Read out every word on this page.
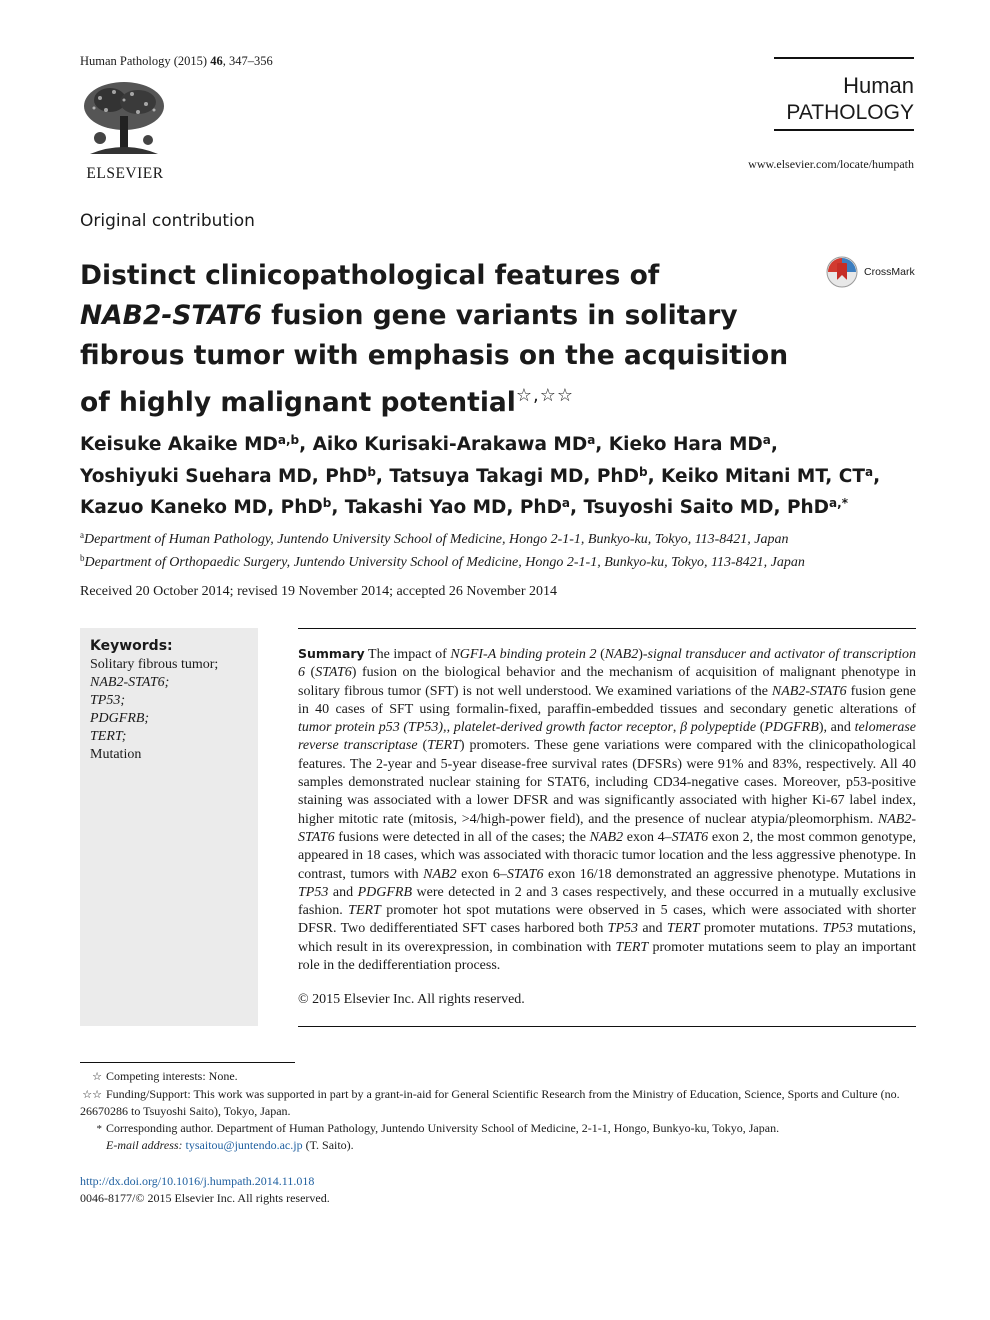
Human Pathology (2015) 46, 347–356
ELSEVIER
Human
PATHOLOGY
www.elsevier.com/locate/humpath
Original contribution
Distinct clinicopathological features of
NAB2-STAT6 fusion gene variants in solitary
fibrous tumor with emphasis on the acquisition
of highly malignant potential☆,☆☆
CrossMark
Keisuke Akaike MD$^{a,b}$, Aiko Kurisaki-Arakawa $MD^a$, Kieko Hara $MD^a$,
Yoshiyuki Suehara MD, PhD$^b$, Tatsuya Takagi MD, PhD$^b$, Keiko Mitani MT, $CT^a$,
Kazuo Kaneko MD, PhD$^b$, Takashi Yao MD, PhD$^a$, Tsuyoshi Saito MD, PhD$^{a,*}$
$^a$Department of Human Pathology, Juntendo University School of Medicine, Hongo 2-1-1, Bunkyo-ku, Tokyo, 113-8421, Japan
$^b$Department of Orthopaedic Surgery, Juntendo University School of Medicine, Hongo 2-1-1, Bunkyo-ku, Tokyo, 113-8421, Japan
Received 20 October 2014; revised 19 November 2014; accepted 26 November 2014
Keywords:
Solitary fibrous tumor;
NAB2-STAT6;
TP53;
PDGFRB;
TERT;
Mutation
Summary The impact of NGFI-A binding protein 2 (NAB2)-signal transducer and activator of transcription 6 (STAT6) fusion on the biological behavior and the mechanism of acquisition of malignant phenotype in solitary fibrous tumor (SFT) is not well understood. We examined variations of the NAB2-STAT6 fusion gene in 40 cases of SFT using formalin-fixed, paraffin-embedded tissues and secondary genetic alterations of tumor protein p53 (TP53),, platelet-derived growth factor receptor, β polypeptide (PDGFRB), and telomerase reverse transcriptase (TERT) promoters. These gene variations were compared with the clinicopathological features. The 2-year and 5-year disease-free survival rates (DFSRs) were 91% and 83%, respectively. All 40 samples demonstrated nuclear staining for STAT6, including CD34-negative cases. Moreover, p53-positive staining was associated with a lower DFSR and was significantly associated with higher Ki-67 label index, higher mitotic rate (mitosis, >4/high-power field), and the presence of nuclear atypia/pleomorphism. NAB2-STAT6 fusions were detected in all of the cases; the NAB2 exon 4–STAT6 exon 2, the most common genotype, appeared in 18 cases, which was associated with thoracic tumor location and the less aggressive phenotype. In contrast, tumors with NAB2 exon 6–STAT6 exon 16/18 demonstrated an aggressive phenotype. Mutations in TP53 and PDGFRB were detected in 2 and 3 cases respectively, and these occurred in a mutually exclusive fashion. TERT promoter hot spot mutations were observed in 5 cases, which were associated with shorter DFSR. Two dedifferentiated SFT cases harbored both TP53 and TERT promoter mutations. TP53 mutations, which result in its overexpression, in combination with TERT promoter mutations seem to play an important role in the dedifferentiation process.
© 2015 Elsevier Inc. All rights reserved.
☆ Competing interests: None.
☆☆ Funding/Support: This work was supported in part by a grant-in-aid for General Scientific Research from the Ministry of Education, Science, Sports and Culture (no. 26670286 to Tsuyoshi Saito), Tokyo, Japan.
* Corresponding author. Department of Human Pathology, Juntendo University School of Medicine, 2-1-1, Hongo, Bunkyo-ku, Tokyo, Japan.
E-mail address: tysaitou@juntendo.ac.jp (T. Saito).
http://dx.doi.org/10.1016/j.humpath.2014.11.018
0046-8177/© 2015 Elsevier Inc. All rights reserved.
